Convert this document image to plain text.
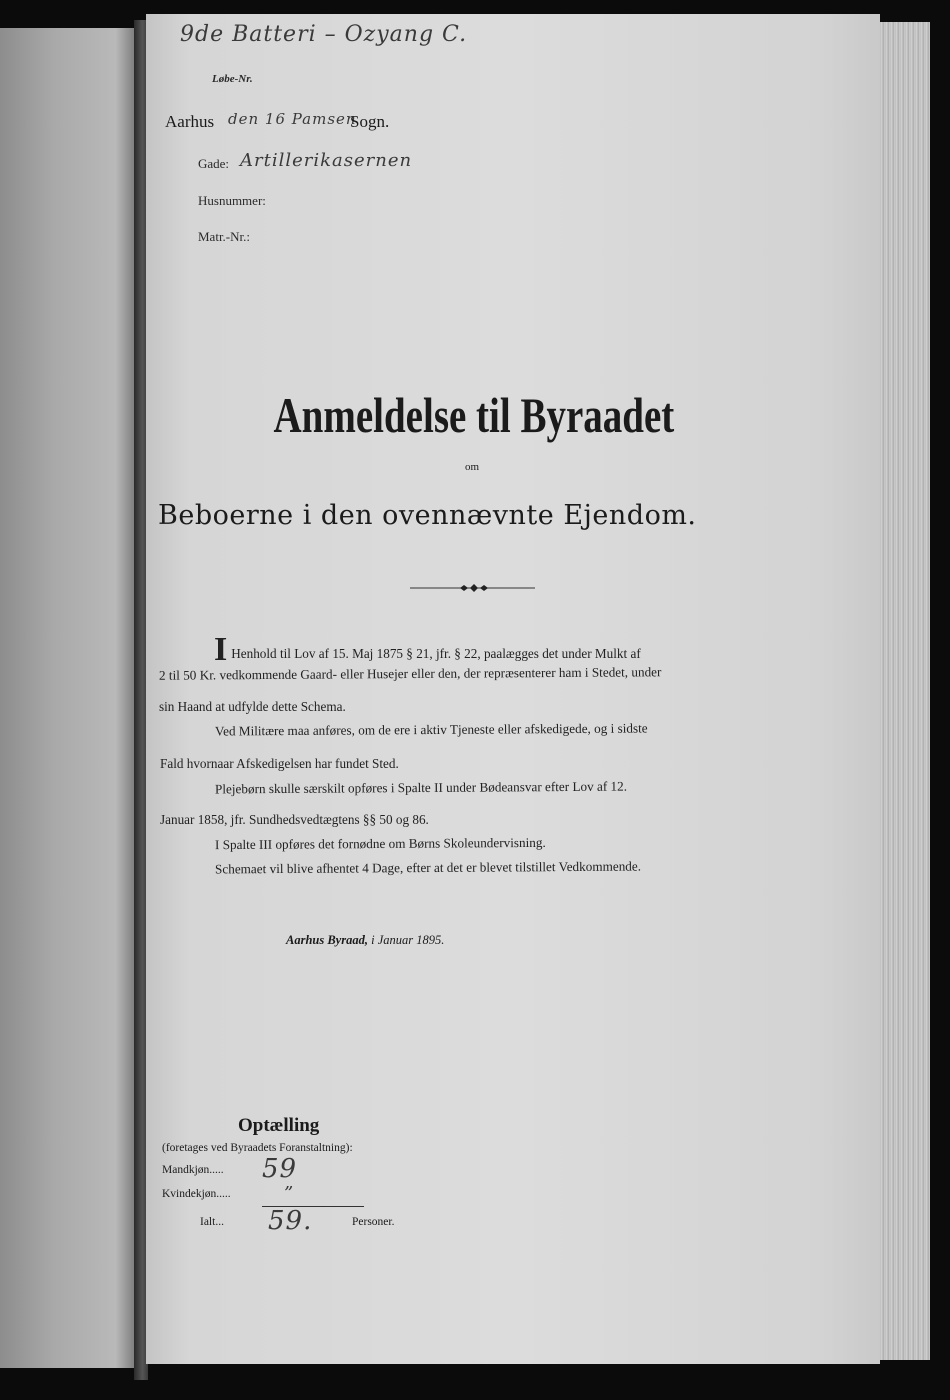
9de Batteri – Ozyang C.
Løbe-Nr.
Aarhus den 16 Pamsen
Sogn.
Gade: Artillerikasernen
Husnummer:
Matr.-Nr.:
Anmeldelse til Byraadet
om
Beboerne i den ovennævnte Ejendom.
I Henhold til Lov af 15. Maj 1875 § 21, jfr. § 22, paalægges det under Mulkt af
2 til 50 Kr. vedkommende Gaard- eller Husejer eller den, der repræsenterer ham i Stedet, under
sin Haand at udfylde dette Schema.
Ved Militære maa anføres, om de ere i aktiv Tjeneste eller afskedigede, og i sidste
Fald hvornaar Afskedigelsen har fundet Sted.
Plejebørn skulle særskilt opføres i Spalte II under Bødeansvar efter Lov af 12.
Januar 1858, jfr. Sundhedsvedtægtens §§ 50 og 86.
I Spalte III opføres det fornødne om Børns Skoleundervisning.
Schemaet vil blive afhentet 4 Dage, efter at det er blevet tilstillet Vedkommende.
Aarhus Byraad, i Januar 1895.
Optælling
(foretages ved Byraadets Foranstaltning):
Mandkjøn..... 59
Kvindekjøn.....	”
Ialt... 59.	Personer.
